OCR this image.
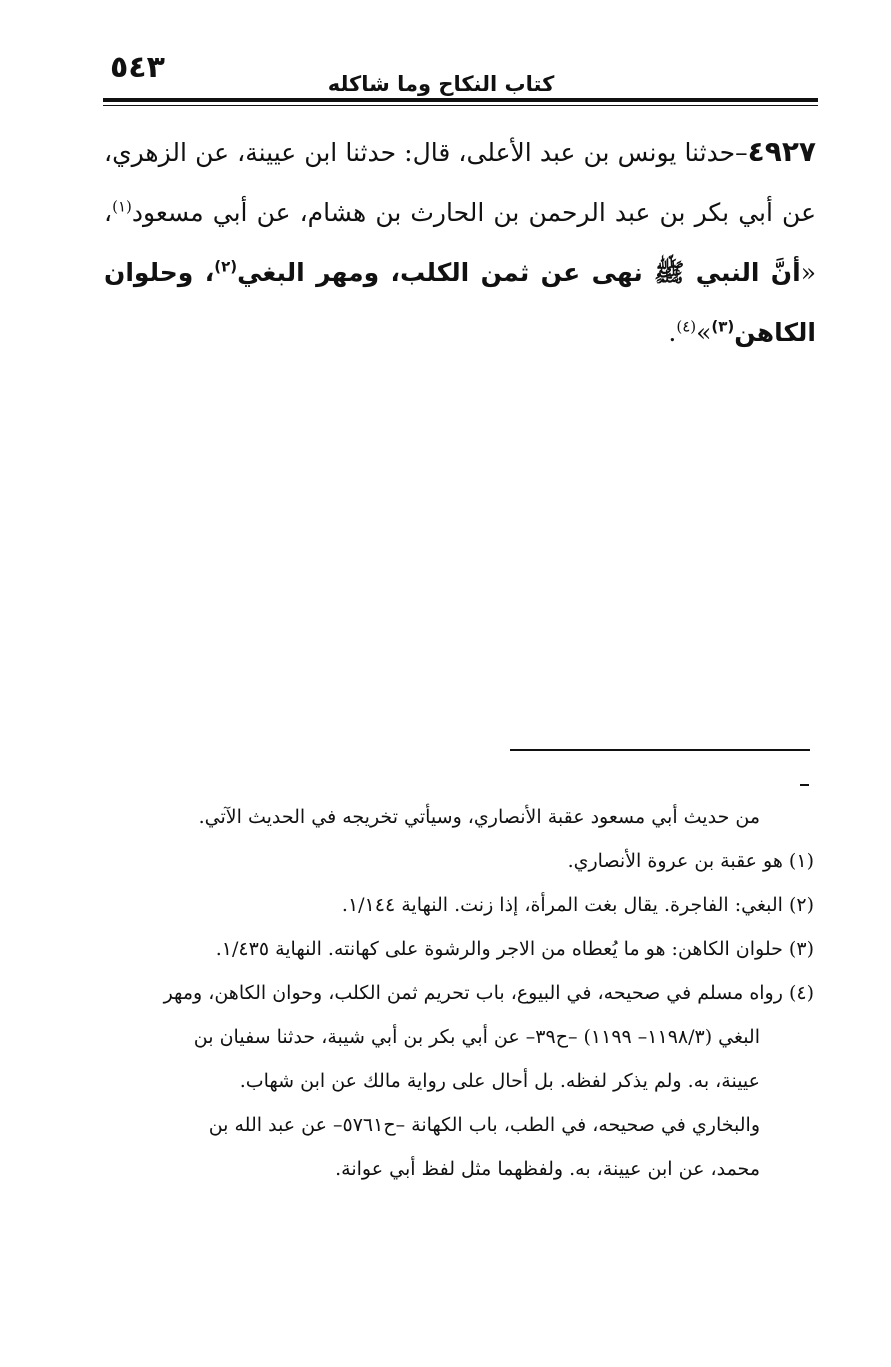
٥٤٣	كتاب النكاح وما شاكله
٤٩٢٧–حدثنا يونس بن عبد الأعلى، قال: حدثنا ابن عيينة، عن الزهري، عن أبي بكر بن عبد الرحمن بن الحارث بن هشام، عن أبي مسعود$^{(١)}$، «أنَّ النبي ﷺ نهى عن ثمن الكلب، ومهر البغي$^{(٢)}$، وحلوان الكاهن$^{(٣)}$»$^{(٤)}$.
من حديث أبي مسعود عقبة الأنصاري، وسيأتي تخريجه في الحديث الآتي.
(١) هو عقبة بن عروة الأنصاري.
(٢) البغي: الفاجرة. يقال بغت المرأة، إذا زنت. النهاية ١/١٤٤.
(٣) حلوان الكاهن: هو ما يُعطاه من الاجر والرشوة على كهانته. النهاية ١/٤٣٥.
(٤) رواه مسلم في صحيحه، في البيوع، باب تحريم ثمن الكلب، وحوان الكاهن، ومهر
البغي (١١٩٨/٣– ١١٩٩) –ح٣٩– عن أبي بكر بن أبي شيبة، حدثنا سفيان بن
عيينة، به. ولم يذكر لفظه. بل أحال على رواية مالك عن ابن شهاب.
والبخاري في صحيحه، في الطب، باب الكهانة –ح٥٧٦١– عن عبد الله بن
محمد، عن ابن عيينة، به. ولفظهما مثل لفظ أبي عوانة.
